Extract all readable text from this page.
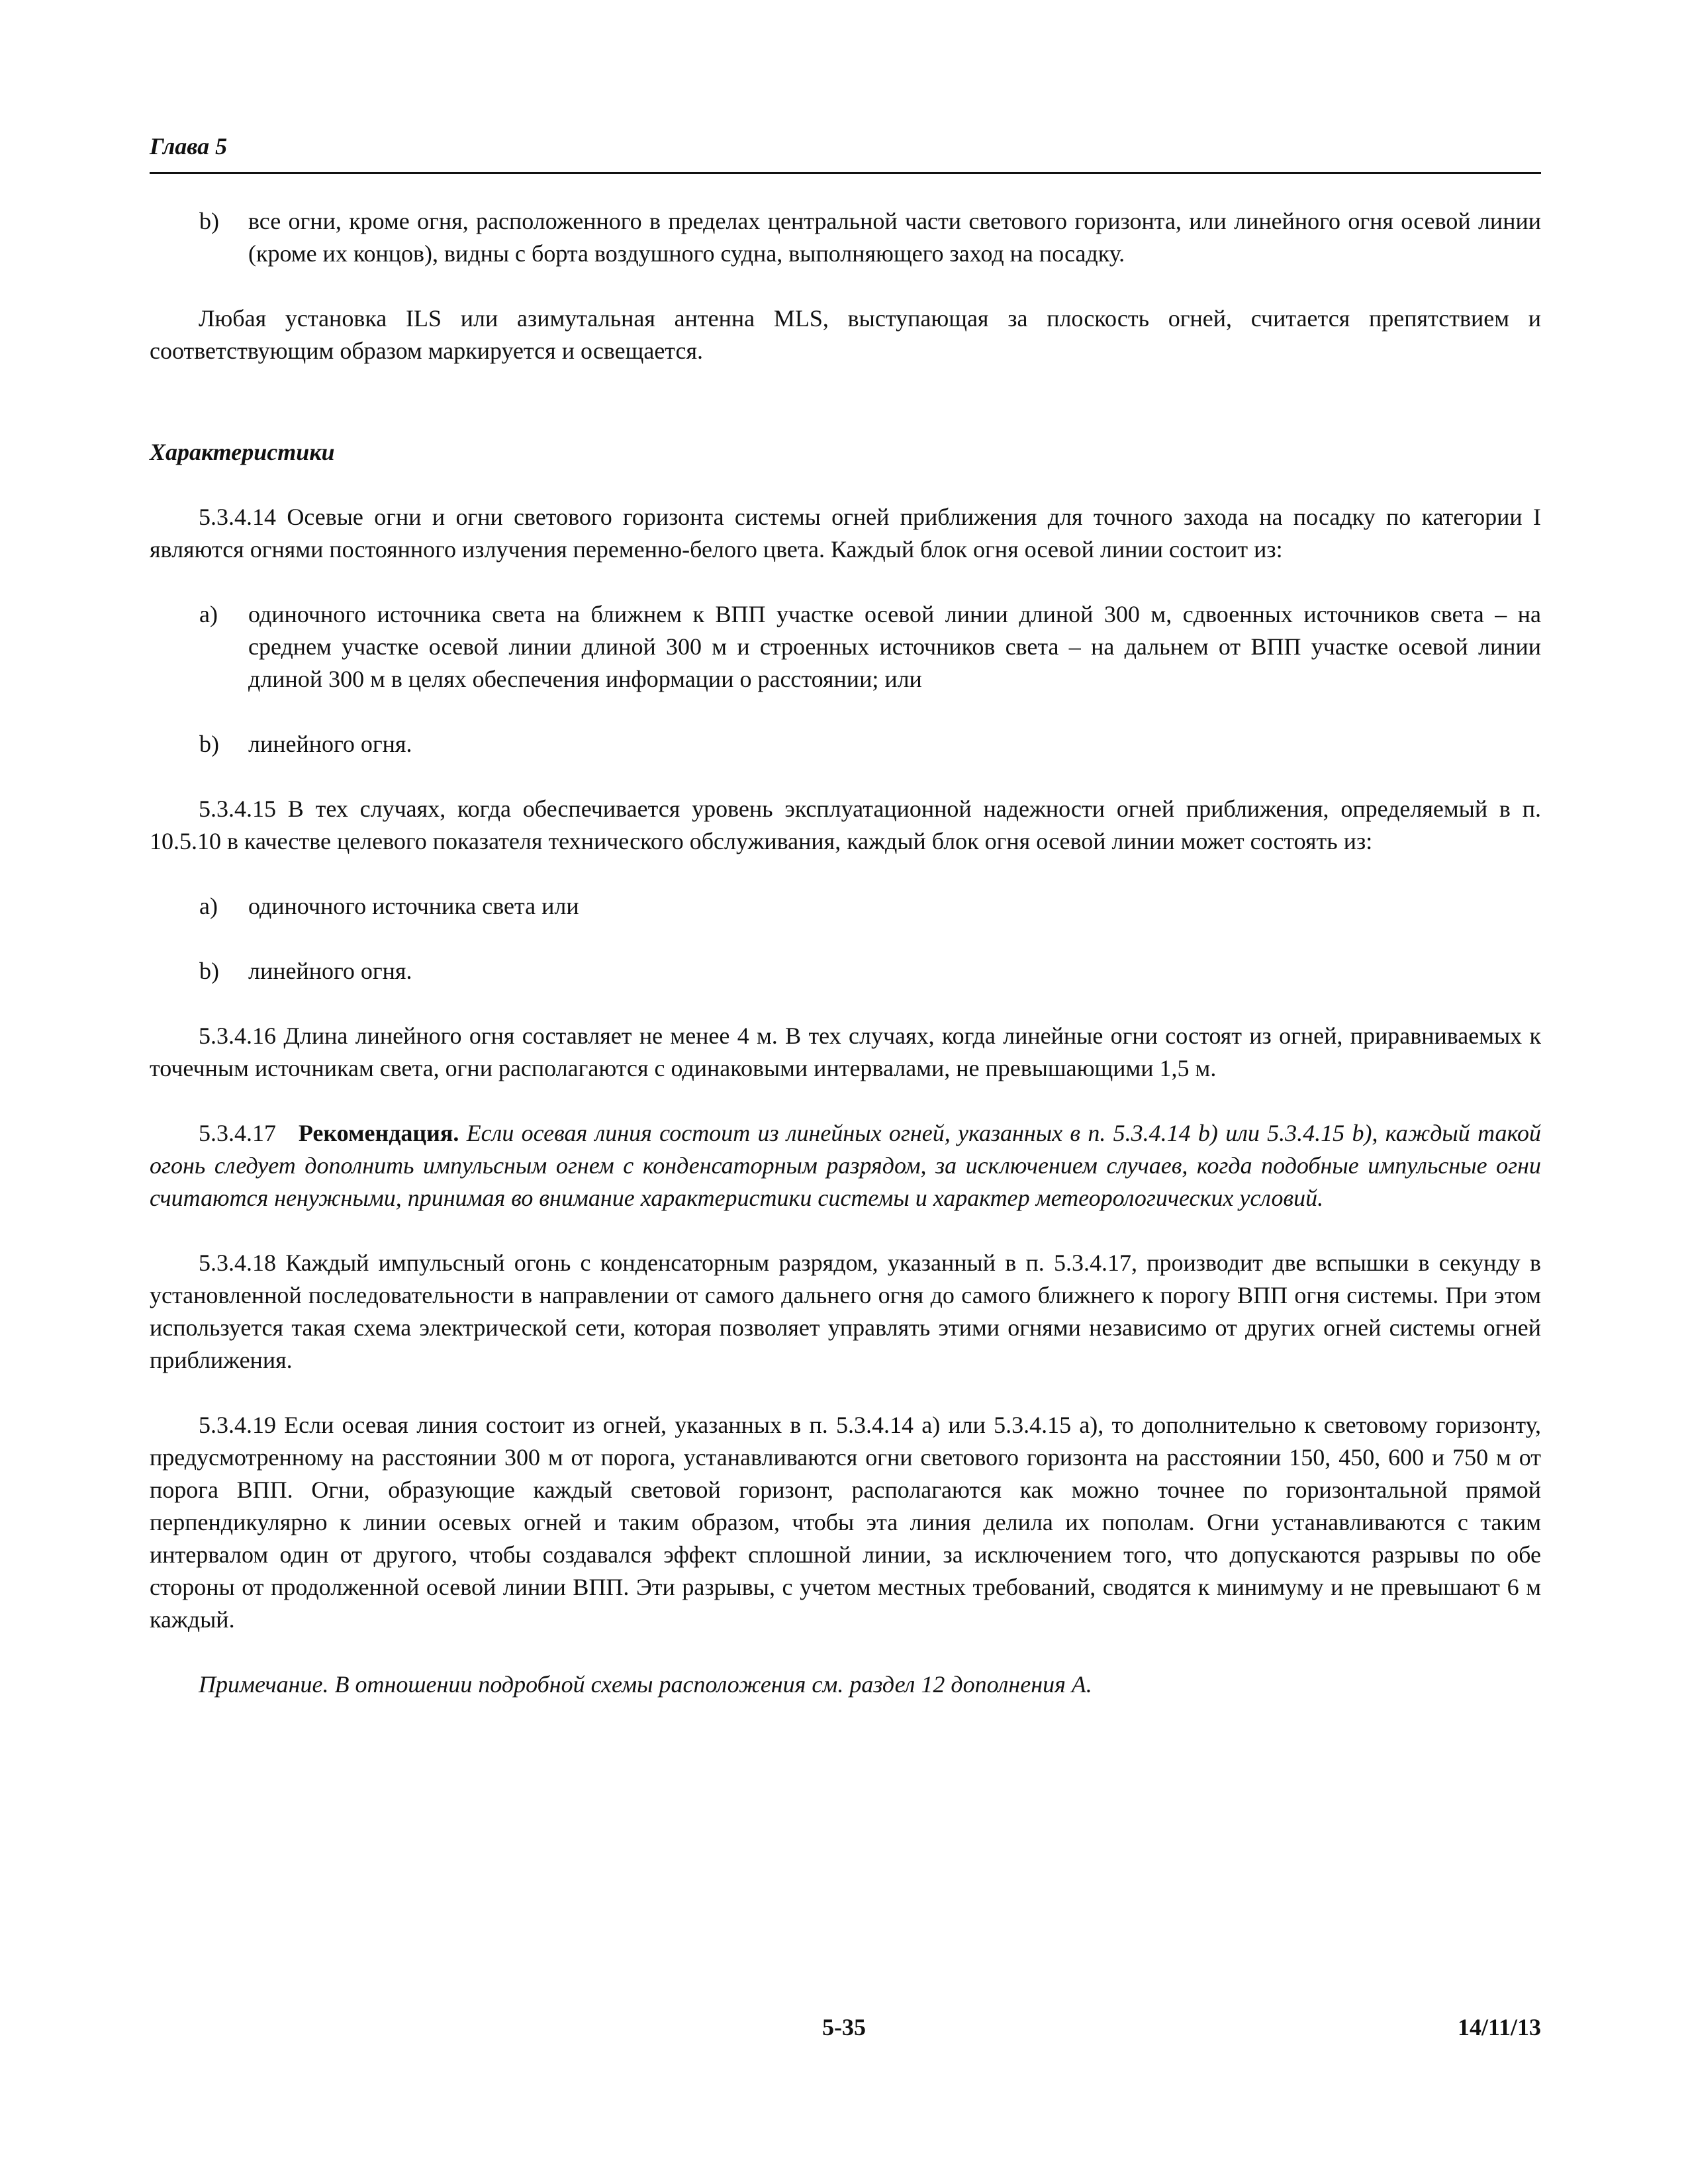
Глава 5
b)	все огни, кроме огня, расположенного в пределах центральной части светового горизонта, или линейного огня осевой линии (кроме их концов), видны с борта воздушного судна, выполняющего заход на посадку.

Любая установка ILS или азимутальная антенна MLS, выступающая за плоскость огней, считается препятствием и соответствующим образом маркируется и освещается.

Характеристики

5.3.4.14 Осевые огни и огни светового горизонта системы огней приближения для точного захода на посадку по категории I являются огнями постоянного излучения переменно-белого цвета. Каждый блок огня осевой линии состоит из:

a)	одиночного источника света на ближнем к ВПП участке осевой линии длиной 300 м, сдвоенных источников света – на среднем участке осевой линии длиной 300 м и строенных источников света – на дальнем от ВПП участке осевой линии длиной 300 м в целях обеспечения информации о расстоянии; или
b)	линейного огня.

5.3.4.15 В тех случаях, когда обеспечивается уровень эксплуатационной надежности огней приближения, определяемый в п. 10.5.10 в качестве целевого показателя технического обслуживания, каждый блок огня осевой линии может состоять из:

a)	одиночного источника света или
b)	линейного огня.

5.3.4.16 Длина линейного огня составляет не менее 4 м. В тех случаях, когда линейные огни состоят из огней, приравниваемых к точечным источникам света, огни располагаются с одинаковыми интервалами, не превышающими 1,5 м.

5.3.4.17 Рекомендация. Если осевая линия состоит из линейных огней, указанных в п. 5.3.4.14 b) или 5.3.4.15 b), каждый такой огонь следует дополнить импульсным огнем с конденсаторным разрядом, за исключением случаев, когда подобные импульсные огни считаются ненужными, принимая во внимание характеристики системы и характер метеорологических условий.

5.3.4.18 Каждый импульсный огонь с конденсаторным разрядом, указанный в п. 5.3.4.17, производит две вспышки в секунду в установленной последовательности в направлении от самого дальнего огня до самого ближнего к порогу ВПП огня системы. При этом используется такая схема электрической сети, которая позволяет управлять этими огнями независимо от других огней системы огней приближения.

5.3.4.19 Если осевая линия состоит из огней, указанных в п. 5.3.4.14 a) или 5.3.4.15 a), то дополнительно к световому горизонту, предусмотренному на расстоянии 300 м от порога, устанавливаются огни светового горизонта на расстоянии 150, 450, 600 и 750 м от порога ВПП. Огни, образующие каждый световой горизонт, располагаются как можно точнее по горизонтальной прямой перпендикулярно к линии осевых огней и таким образом, чтобы эта линия делила их пополам. Огни устанавливаются с таким интервалом один от другого, чтобы создавался эффект сплошной линии, за исключением того, что допускаются разрывы по обе стороны от продолженной осевой линии ВПП. Эти разрывы, с учетом местных требований, сводятся к минимуму и не превышают 6 м каждый.

Примечание. В отношении подробной схемы расположения см. раздел 12 дополнения A.

5-35	14/11/13
